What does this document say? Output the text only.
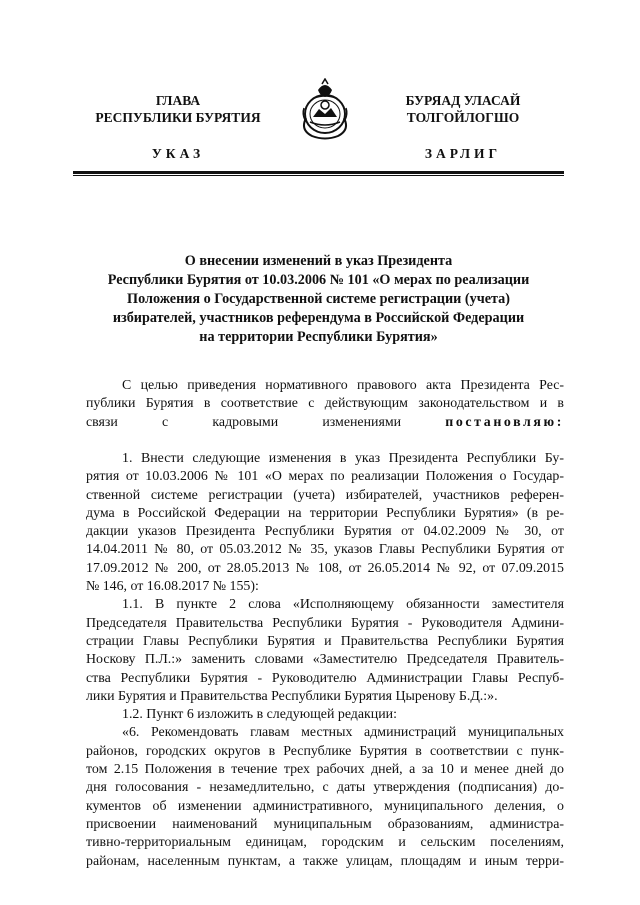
ГЛАВА
РЕСПУБЛИКИ БУРЯТИЯ
БУРЯАД УЛАСАЙ
ТОЛГОЙЛОГШО
УКАЗ	ЗАРЛИГ
О внесении изменений в указ Президента
Республики Бурятия от 10.03.2006 № 101 «О мерах по реализации
Положения о Государственной системе регистрации (учета)
избирателей, участников референдума в Российской Федерации
на территории Республики Бурятия»
С целью приведения нормативного правового акта Президента Рес-
публики Бурятия в соответствие с действующим законодательством и в
связи с кадровыми изменениями постановляю:
1. Внести следующие изменения в указ Президента Республики Бу-
рятия от 10.03.2006 № 101 «О мерах по реализации Положения о Государ-
ственной системе регистрации (учета) избирателей, участников референ-
дума в Российской Федерации на территории Республики Бурятия» (в ре-
дакции указов Президента Республики Бурятия от 04.02.2009 № 30, от
14.04.2011 № 80, от 05.03.2012 № 35, указов Главы Республики Бурятия от
17.09.2012 № 200, от 28.05.2013 № 108, от 26.05.2014 № 92, от 07.09.2015
№ 146, от 16.08.2017 № 155):
1.1. В пункте 2 слова «Исполняющему обязанности заместителя
Председателя Правительства Республики Бурятия - Руководителя Админи-
страции Главы Республики Бурятия и Правительства Республики Бурятия
Носкову П.Л.:» заменить словами «Заместителю Председателя Правитель-
ства Республики Бурятия - Руководителю Администрации Главы Респуб-
лики Бурятия и Правительства Республики Бурятия Цыренову Б.Д.:».
1.2. Пункт 6 изложить в следующей редакции:
«6. Рекомендовать главам местных администраций муниципальных
районов, городских округов в Республике Бурятия в соответствии с пунк-
том 2.15 Положения в течение трех рабочих дней, а за 10 и менее дней до
дня голосования - незамедлительно, с даты утверждения (подписания) до-
кументов об изменении административного, муниципального деления, о
присвоении наименований муниципальным образованиям, администра-
тивно-территориальным единицам, городским и сельским поселениям,
районам, населенным пунктам, а также улицам, площадям и иным терри-
